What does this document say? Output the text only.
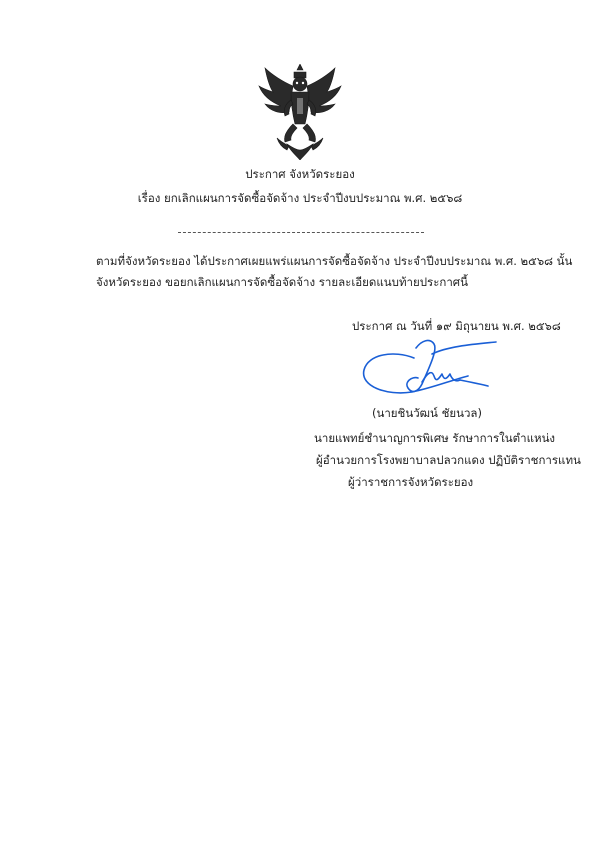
ประกาศ จังหวัดระยอง
เรื่อง ยกเลิกแผนการจัดซื้อจัดจ้าง ประจำปีงบประมาณ พ.ศ. ๒๕๖๘
ตามที่จังหวัดระยอง ได้ประกาศเผยแพร่แผนการจัดซื้อจัดจ้าง ประจำปีงบประมาณ พ.ศ. ๒๕๖๘ นั้น
จังหวัดระยอง ขอยกเลิกแผนการจัดซื้อจัดจ้าง รายละเอียดแนบท้ายประกาศนี้
ประกาศ ณ วันที่ ๑๙ มิถุนายน พ.ศ. ๒๕๖๘
(นายชินวัฒน์ ชัยนวล)
นายแพทย์ชำนาญการพิเศษ รักษาการในตำแหน่ง
ผู้อำนวยการโรงพยาบาลปลวกแดง ปฏิบัติราชการแทน
ผู้ว่าราชการจังหวัดระยอง
